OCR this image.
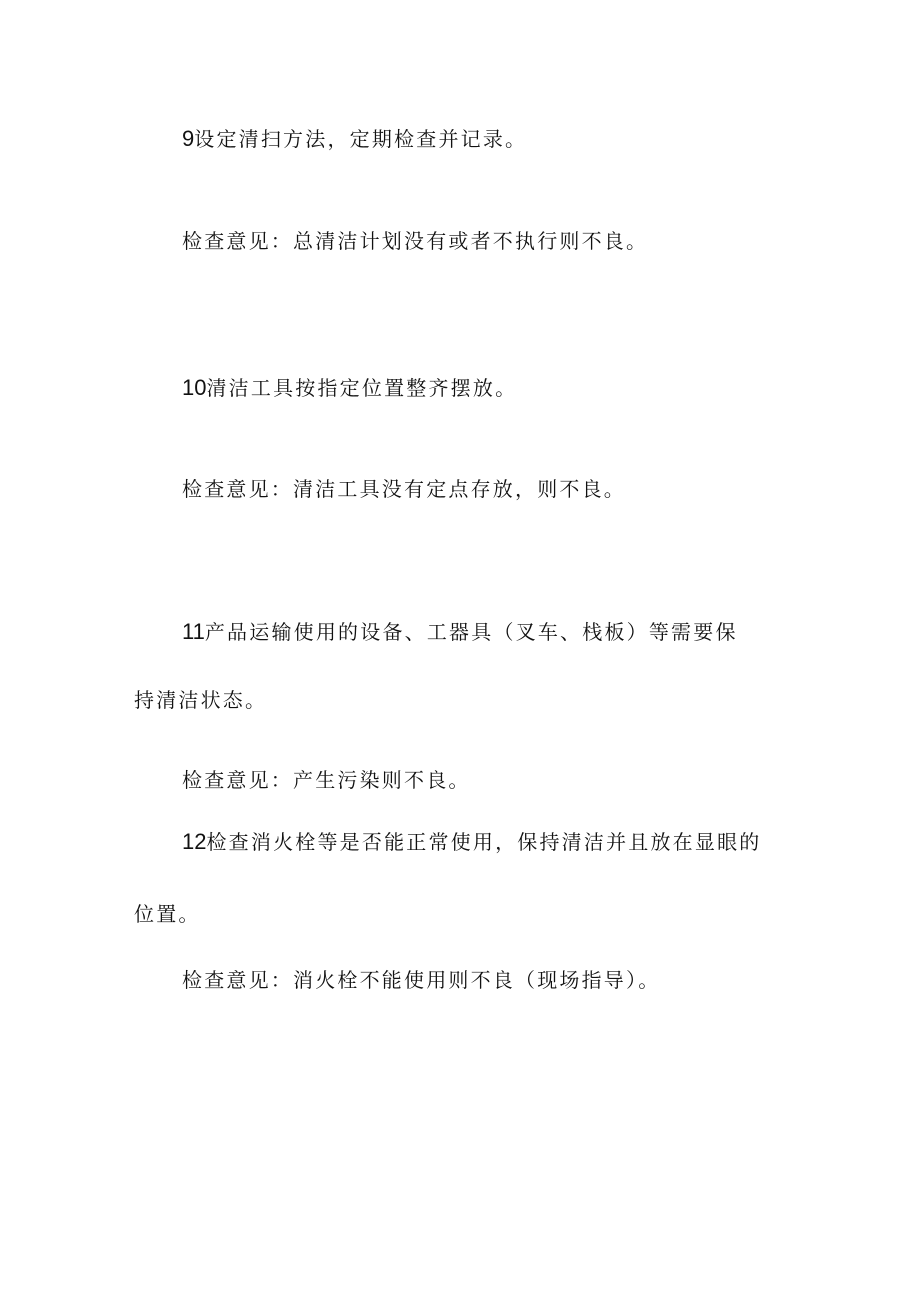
9设定清扫方法，定期检查并记录。
检查意见：总清洁计划没有或者不执行则不良。
10清洁工具按指定位置整齐摆放。
检查意见：清洁工具没有定点存放，则不良。
11产品运输使用的设备、工器具（叉车、栈板）等需要保
持清洁状态。
检查意见：产生污染则不良。
12检查消火栓等是否能正常使用，保持清洁并且放在显眼的
位置。
检查意见：消火栓不能使用则不良（现场指导）。
